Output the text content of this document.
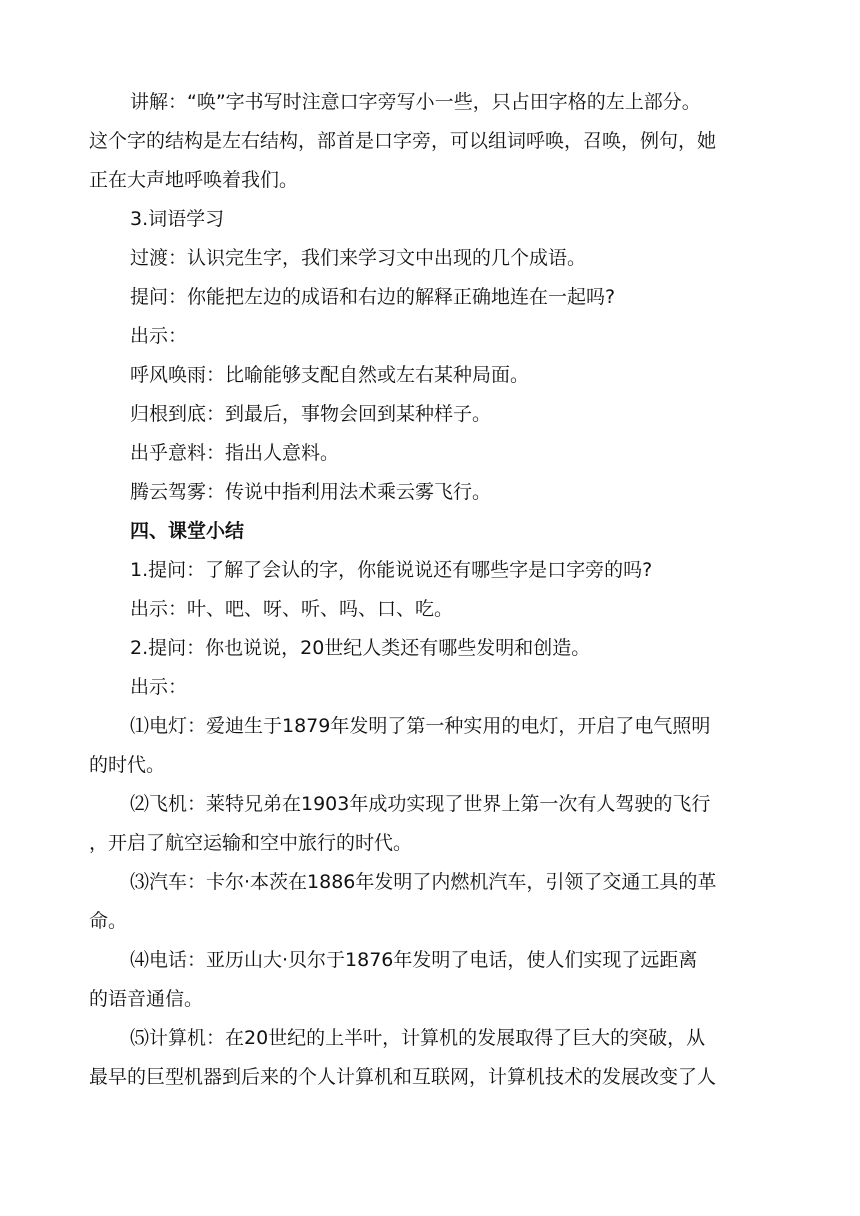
讲解：“唤”字书写时注意口字旁写小一些，只占田字格的左上部分。
这个字的结构是左右结构，部首是口字旁，可以组词呼唤，召唤，例句，她
正在大声地呼唤着我们。
3.词语学习
过渡：认识完生字，我们来学习文中出现的几个成语。
提问：你能把左边的成语和右边的解释正确地连在一起吗?
出示：
呼风唤雨：比喻能够支配自然或左右某种局面。
归根到底：到最后，事物会回到某种样子。
出乎意料：指出人意料。
腾云驾雾：传说中指利用法术乘云雾飞行。
四、课堂小结
1.提问：了解了会认的字，你能说说还有哪些字是口字旁的吗?
出示：叶、吧、呀、听、吗、口、吃。
2.提问：你也说说，20世纪人类还有哪些发明和创造。
出示：
⑴电灯：爱迪生于1879年发明了第一种实用的电灯，开启了电气照明
的时代。
⑵飞机：莱特兄弟在1903年成功实现了世界上第一次有人驾驶的飞行
，开启了航空运输和空中旅行的时代。
⑶汽车：卡尔·本茨在1886年发明了内燃机汽车，引领了交通工具的革
命。
⑷电话：亚历山大·贝尔于1876年发明了电话，使人们实现了远距离
的语音通信。
⑸计算机：在20世纪的上半叶，计算机的发展取得了巨大的突破，从
最早的巨型机器到后来的个人计算机和互联网，计算机技术的发展改变了人
